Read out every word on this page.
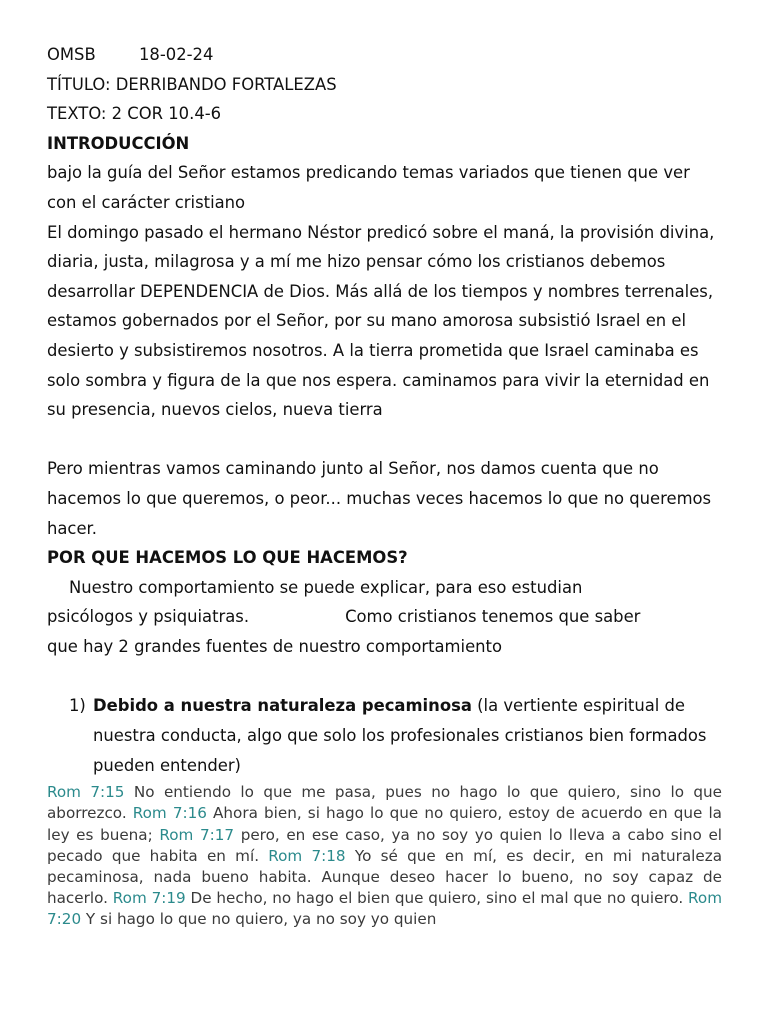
OMSB	18-02-24

TÍTULO: DERRIBANDO FORTALEZAS

TEXTO: 2 COR 10.4-6

INTRODUCCIÓN

bajo la guía del Señor estamos predicando temas variados que tienen que ver con el carácter cristiano

El domingo pasado el hermano Néstor predicó sobre el maná, la provisión divina, diaria, justa, milagrosa y a mí me hizo pensar cómo los cristianos debemos desarrollar DEPENDENCIA de Dios. Más allá de los tiempos y nombres terrenales, estamos gobernados por el Señor, por su mano amorosa subsistió Israel en el desierto y subsistiremos nosotros. A la tierra prometida que Israel caminaba es solo sombra y figura de la que nos espera. caminamos para vivir la eternidad en su presencia, nuevos cielos, nueva tierra

Pero mientras vamos caminando junto al Señor, nos damos cuenta que no hacemos lo que queremos, o peor... muchas veces hacemos lo que no queremos hacer.

POR QUE HACEMOS LO QUE HACEMOS?

Nuestro comportamiento se puede explicar, para eso estudian

psicólogos y psiquiatras.	Como cristianos tenemos que saber

que hay 2 grandes fuentes de nuestro comportamiento

1) Debido a nuestra naturaleza pecaminosa (la vertiente espiritual de nuestra conducta, algo que solo los profesionales cristianos bien formados pueden entender)

Rom 7:15 No entiendo lo que me pasa, pues no hago lo que quiero, sino lo que aborrezco. Rom 7:16 Ahora bien, si hago lo que no quiero, estoy de acuerdo en que la ley es buena; Rom 7:17 pero, en ese caso, ya no soy yo quien lo lleva a cabo sino el pecado que habita en mí. Rom 7:18 Yo sé que en mí, es decir, en mi naturaleza pecaminosa, nada bueno habita. Aunque deseo hacer lo bueno, no soy capaz de hacerlo. Rom 7:19 De hecho, no hago el bien que quiero, sino el mal que no quiero. Rom 7:20 Y si hago lo que no quiero, ya no soy yo quien
